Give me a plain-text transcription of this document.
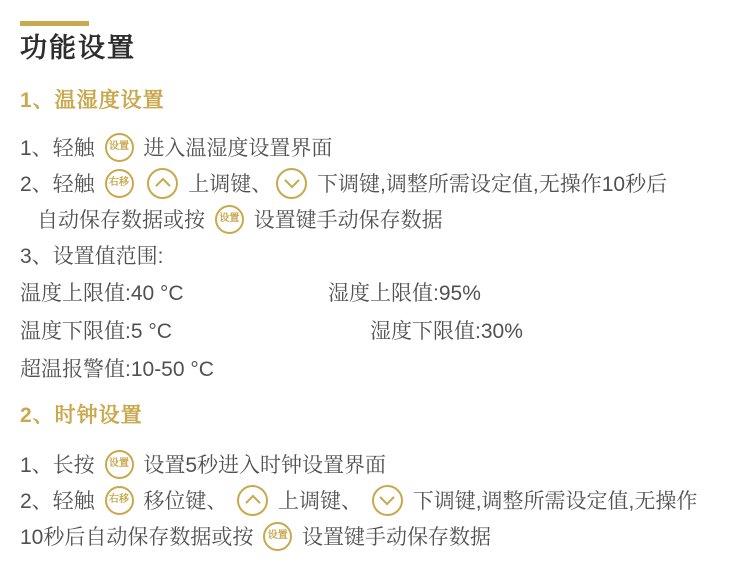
功能设置
1、温湿度设置
1、轻触 设置 进入温湿度设置界面
2、轻触 右移
	上调键、 下调键,调整所需设定值,无操作10秒后
自动保存数据或按 设置 设置键手动保存数据
3、设置值范围:
温度上限值:40 °C	湿度上限值:95%
温度下限值:5 °C	湿度下限值:30%
超温报警值:10-50 °C
2、时钟设置
1、长按 设置 设置5秒进入时钟设置界面
2、轻触 右移 移位键、 上调键、 下调键,调整所需设定值,无操作
10秒后自动保存数据或按 设置 设置键手动保存数据
